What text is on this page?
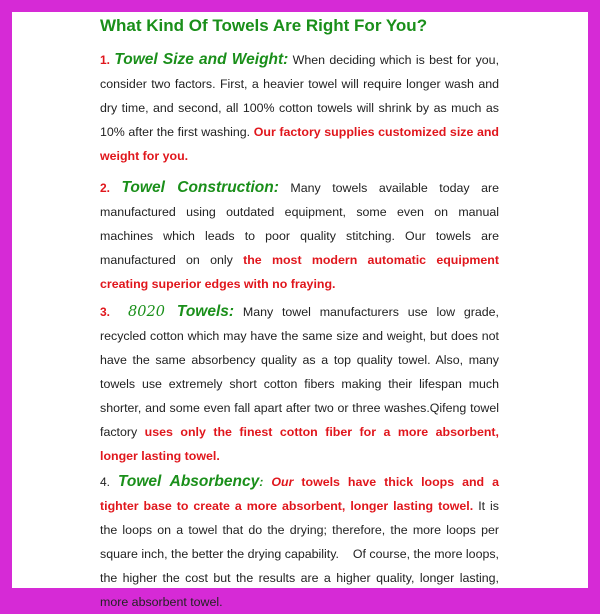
What Kind Of Towels Are Right For You?

1. Towel Size and Weight: When deciding which is best for you, consider two factors. First, a heavier towel will require longer wash and dry time, and second, all 100% cotton towels will shrink by as much as 10% after the first washing. Our factory supplies customized size and weight for you.

2. Towel Construction: Many towels available today are manufactured using outdated equipment, some even on manual machines which leads to poor quality stitching. Our towels are manufactured on only the most modern automatic equipment creating superior edges with no fraying.

3. 8020 Towels: Many towel manufacturers use low grade, recycled cotton which may have the same size and weight, but does not have the same absorbency quality as a top quality towel. Also, many towels use extremely short cotton fibers making their lifespan much shorter, and some even fall apart after two or three washes.Qifeng towel factory uses only the finest cotton fiber for a more absorbent, longer lasting towel.

4. Towel Absorbency: Our towels have thick loops and a tighter base to create a more absorbent, longer lasting towel. It is the loops on a towel that do the drying; therefore, the more loops per square inch, the better the drying capability.    Of course, the more loops, the higher the cost but the results are a higher quality, longer lasting, more absorbent towel.
